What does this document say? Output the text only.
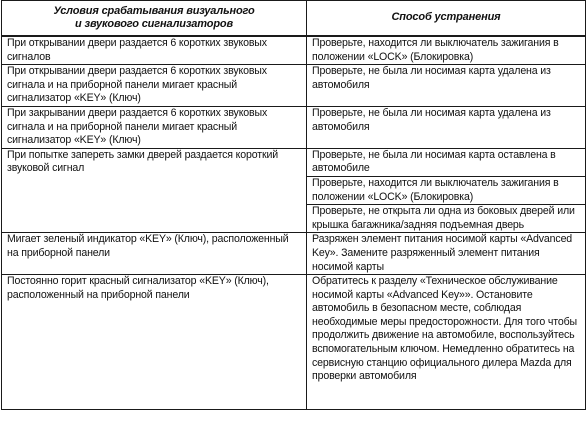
Условия срабатывания визуального
и звукового сигнализаторов	Способ устранения
При открывании двери раздается 6 коротких звуковых сигналов	Проверьте, находится ли выключатель зажигания в положении «LOCK» (Блокировка)
При открывании двери раздается 6 коротких звуковых сигнала и на приборной панели мигает красный сигнализатор «KEY» (Ключ)	Проверьте, не была ли носимая карта удалена из автомобиля
При закрывании двери раздается 6 коротких звуковых сигнала и на приборной панели мигает красный сигнализатор «KEY» (Ключ)	Проверьте, не была ли носимая карта удалена из автомобиля
При попытке запереть замки дверей раздается короткий звуковой сигнал	Проверьте, не была ли носимая карта оставлена в автомобиле
	Проверьте, находится ли выключатель зажигания в положении «LOCK» (Блокировка)
	Проверьте, не открыта ли одна из боковых дверей или крышка багажника/задняя подъемная дверь
Мигает зеленый индикатор «KEY» (Ключ), расположенный на приборной панели	Разряжен элемент питания носимой карты «Advanced Key». Замените разряженный элемент питания носимой карты
Постоянно горит красный сигнализатор «KEY» (Ключ), расположенный на приборной панели	Обратитесь к разделу «Техническое обслуживание носимой карты «Advanced Key»». Остановите автомобиль в безопасном месте, соблюдая необходимые меры предосторожности. Для того чтобы продолжить движение на автомобиле, воспользуйтесь вспомогательным ключом. Немедленно обратитесь на сервисную станцию официального дилера Mazda для проверки автомобиля
